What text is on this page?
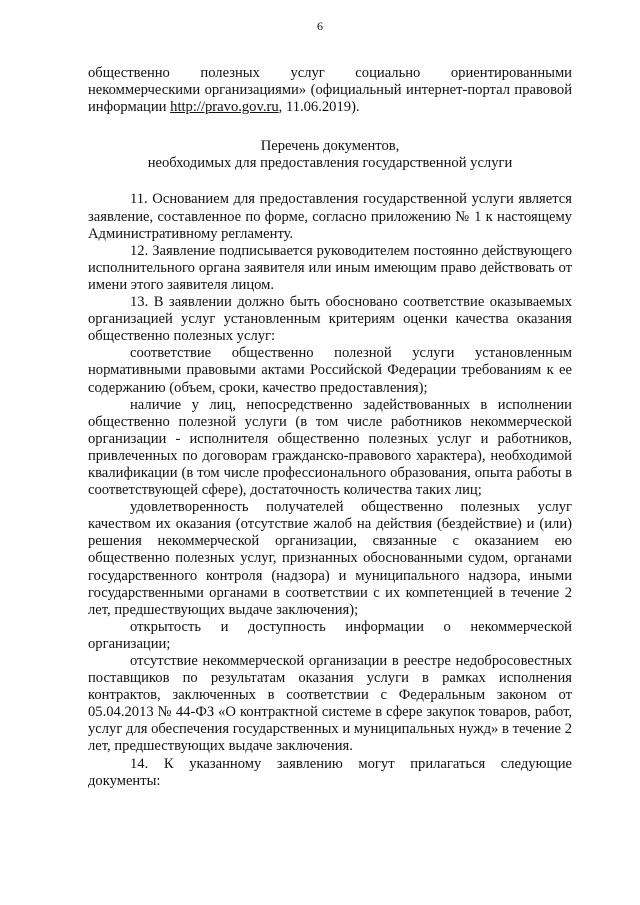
6

общественно полезных услуг социально ориентированными некоммерческими организациями» (официальный интернет-портал правовой информации http://pravo.gov.ru, 11.06.2019).

Перечень документов,
необходимых для предоставления государственной услуги

11. Основанием для предоставления государственной услуги является заявление, составленное по форме, согласно приложению № 1 к настоящему Административному регламенту.

12. Заявление подписывается руководителем постоянно действующего исполнительного органа заявителя или иным имеющим право действовать от имени этого заявителя лицом.

13. В заявлении должно быть обосновано соответствие оказываемых организацией услуг установленным критериям оценки качества оказания общественно полезных услуг:

соответствие общественно полезной услуги установленным нормативными правовыми актами Российской Федерации требованиям к ее содержанию (объем, сроки, качество предоставления);

наличие у лиц, непосредственно задействованных в исполнении общественно полезной услуги (в том числе работников некоммерческой организации - исполнителя общественно полезных услуг и работников, привлеченных по договорам гражданско-правового характера), необходимой квалификации (в том числе профессионального образования, опыта работы в соответствующей сфере), достаточность количества таких лиц;

удовлетворенность получателей общественно полезных услуг качеством их оказания (отсутствие жалоб на действия (бездействие) и (или) решения некоммерческой организации, связанные с оказанием ею общественно полезных услуг, признанных обоснованными судом, органами государственного контроля (надзора) и муниципального надзора, иными государственными органами в соответствии с их компетенцией в течение 2 лет, предшествующих выдаче заключения);

открытость и доступность информации о некоммерческой организации;

отсутствие некоммерческой организации в реестре недобросовестных поставщиков по результатам оказания услуги в рамках исполнения контрактов, заключенных в соответствии с Федеральным законом от 05.04.2013 № 44-ФЗ «О контрактной системе в сфере закупок товаров, работ, услуг для обеспечения государственных и муниципальных нужд» в течение 2 лет, предшествующих выдаче заключения.

14. К указанному заявлению могут прилагаться следующие документы:
